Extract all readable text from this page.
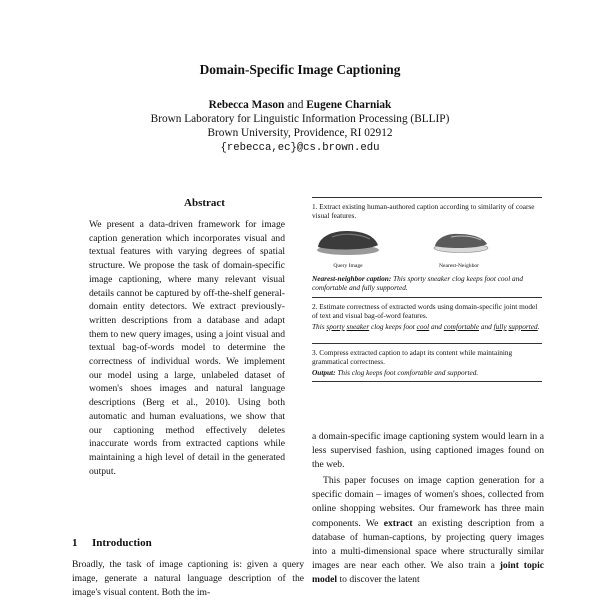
Domain-Specific Image Captioning
Rebecca Mason and Eugene Charniak
Brown Laboratory for Linguistic Information Processing (BLLIP)
Brown University, Providence, RI 02912
{rebecca,ec}@cs.brown.edu
Abstract
We present a data-driven framework for image caption generation which incorporates visual and textual features with varying degrees of spatial structure. We propose the task of domain-specific image captioning, where many relevant visual details cannot be captured by off-the-shelf general-domain entity detectors. We extract previously-written descriptions from a database and adapt them to new query images, using a joint visual and textual bag-of-words model to determine the correctness of individual words. We implement our model using a large, unlabeled dataset of women's shoes images and natural language descriptions (Berg et al., 2010). Using both automatic and human evaluations, we show that our captioning method effectively deletes inaccurate words from extracted captions while maintaining a high level of detail in the generated output.
1 Introduction
Broadly, the task of image captioning is: given a query image, generate a natural language description of the image's visual content. Both the im-
1. Extract existing human-authored caption according to similarity of coarse visual features.
Query Image	Nearest-Neighbor
Nearest-neighbor caption: This sporty sneaker clog keeps foot cool and comfortable and fully supported.
2. Estimate correctness of extracted words using domain-specific joint model of text and visual bag-of-word features.
This sporty sneaker clog keeps foot cool and comfortable and fully supported.
3. Compress extracted caption to adapt its content while maintaining grammatical correctness.
Output: This clog keeps foot comfortable and supported.
a domain-specific image captioning system would learn in a less supervised fashion, using captioned images found on the web.
This paper focuses on image caption generation for a specific domain – images of women's shoes, collected from online shopping websites. Our framework has three main components. We extract an existing description from a database of human-captions, by projecting query images into a multi-dimensional space where structurally similar images are near each other. We also train a joint topic model to discover the latent
